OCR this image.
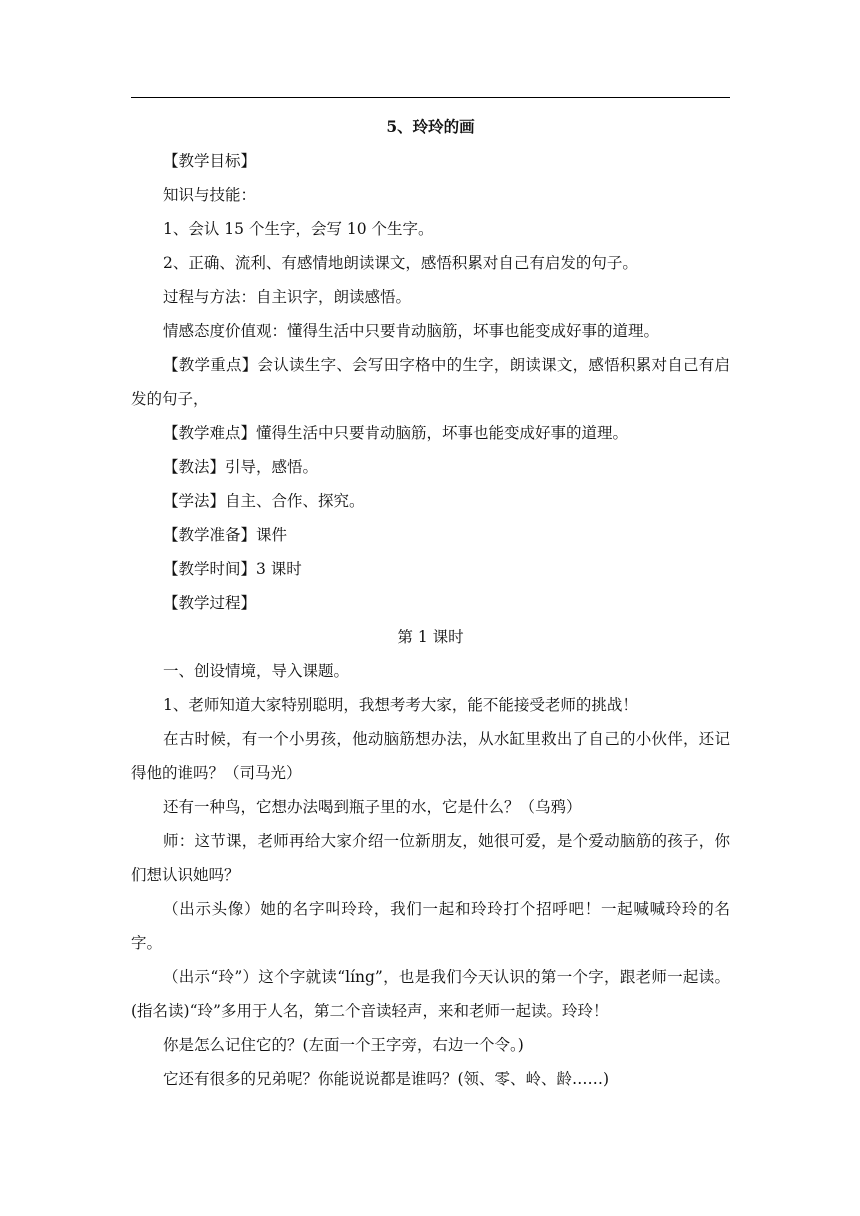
5、玲玲的画

【教学目标】

知识与技能：

1、会认 15 个生字，会写 10 个生字。

2、正确、流利、有感情地朗读课文，感悟积累对自己有启发的句子。

过程与方法：自主识字，朗读感悟。

情感态度价值观：懂得生活中只要肯动脑筋，坏事也能变成好事的道理。

【教学重点】会认读生字、会写田字格中的生字，朗读课文，感悟积累对自己有启发的句子，

【教学难点】懂得生活中只要肯动脑筋，坏事也能变成好事的道理。

【教法】引导，感悟。

【学法】自主、合作、探究。

【教学准备】课件

【教学时间】3 课时

【教学过程】

第 1 课时

一、创设情境，导入课题。

1、老师知道大家特别聪明，我想考考大家，能不能接受老师的挑战！

在古时候，有一个小男孩，他动脑筋想办法，从水缸里救出了自己的小伙伴，还记得他的谁吗？（司马光）

还有一种鸟，它想办法喝到瓶子里的水，它是什么？（乌鸦）

师：这节课，老师再给大家介绍一位新朋友，她很可爱，是个爱动脑筋的孩子，你们想认识她吗？

（出示头像）她的名字叫玲玲，我们一起和玲玲打个招呼吧！一起喊喊玲玲的名字。

（出示“玲”）这个字就读“líng”，也是我们今天认识的第一个字，跟老师一起读。(指名读)“玲”多用于人名，第二个音读轻声，来和老师一起读。玲玲！

你是怎么记住它的？(左面一个王字旁，右边一个令。)

它还有很多的兄弟呢？你能说说都是谁吗？(领、零、岭、龄……)
